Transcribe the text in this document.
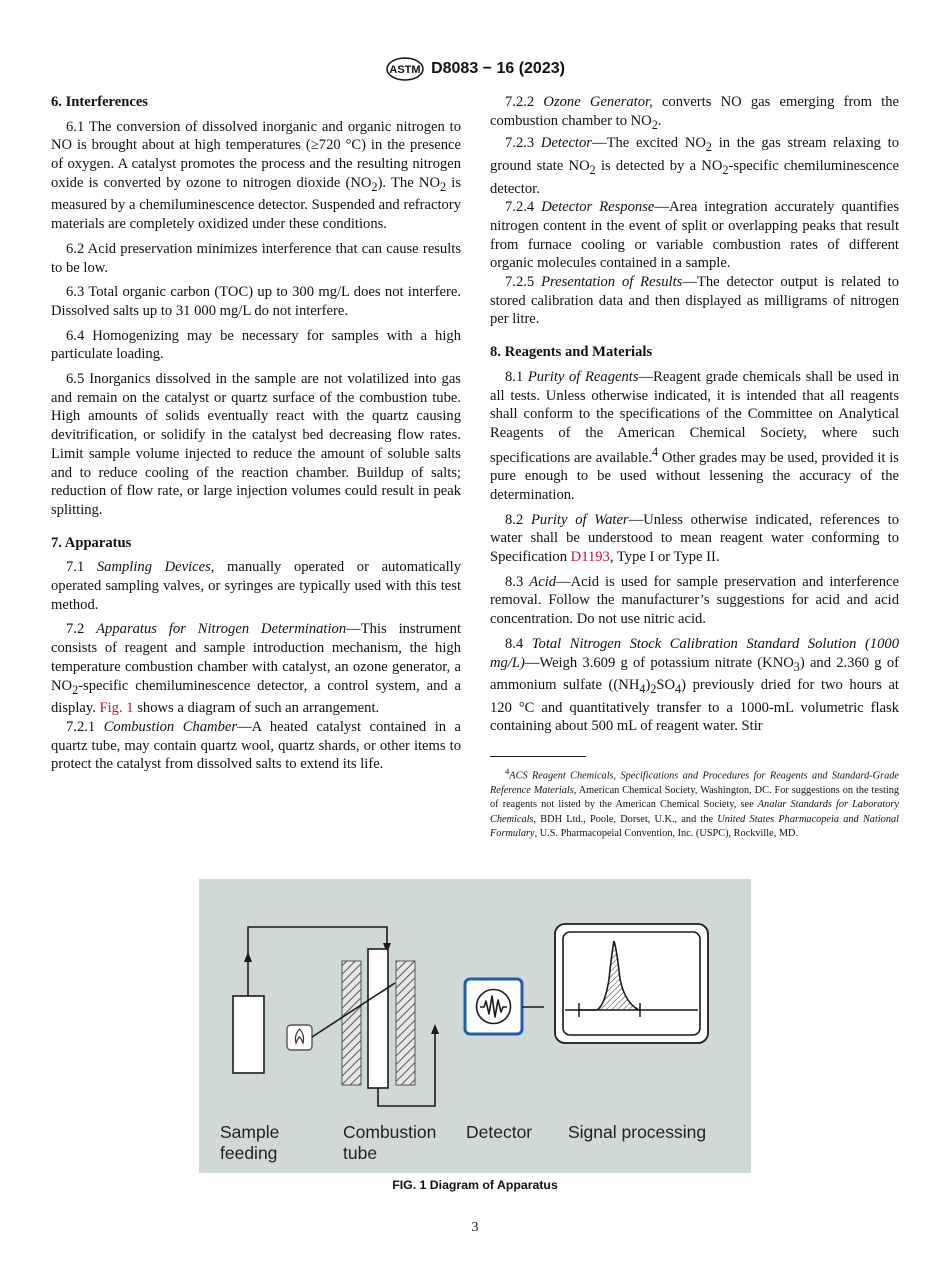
ASTM D8083 − 16 (2023)
6. Interferences

6.1 The conversion of dissolved inorganic and organic nitrogen to NO is brought about at high temperatures (≥720 °C) in the presence of oxygen. A catalyst promotes the process and the resulting nitrogen oxide is converted by ozone to nitrogen dioxide $(NO_2)$. The $NO_2$ is measured by a chemiluminescence detector. Suspended and refractory materials are completely oxidized under these conditions.

6.2 Acid preservation minimizes interference that can cause results to be low.

6.3 Total organic carbon (TOC) up to 300 mg/L does not interfere. Dissolved salts up to 31 000 mg/L do not interfere.

6.4 Homogenizing may be necessary for samples with a high particulate loading.

6.5 Inorganics dissolved in the sample are not volatilized into gas and remain on the catalyst or quartz surface of the combustion tube. High amounts of solids eventually react with the quartz causing devitrification, or solidify in the catalyst bed decreasing flow rates. Limit sample volume injected to reduce the amount of soluble salts and to reduce cooling of the reaction chamber. Buildup of salts; reduction of flow rate, or large injection volumes could result in peak splitting.

7. Apparatus

7.1 Sampling Devices, manually operated or automatically operated sampling valves, or syringes are typically used with this test method.

7.2 Apparatus for Nitrogen Determination—This instrument consists of reagent and sample introduction mechanism, the high temperature combustion chamber with catalyst, an ozone generator, a $NO_2$-specific chemiluminescence detector, a control system, and a display. Fig. 1 shows a diagram of such an arrangement.

7.2.1 Combustion Chamber—A heated catalyst contained in a quartz tube, may contain quartz wool, quartz shards, or other items to protect the catalyst from dissolved salts to extend its life.

7.2.2 Ozone Generator, converts NO gas emerging from the combustion chamber to $NO_2$.

7.2.3 Detector—The excited $NO_2$ in the gas stream relaxing to ground state $NO_2$ is detected by a $NO_2$-specific chemiluminescence detector.

7.2.4 Detector Response—Area integration accurately quantifies nitrogen content in the event of split or overlapping peaks that result from furnace cooling or variable combustion rates of different organic molecules contained in a sample.

7.2.5 Presentation of Results—The detector output is related to stored calibration data and then displayed as milligrams of nitrogen per litre.

8. Reagents and Materials

8.1 Purity of Reagents—Reagent grade chemicals shall be used in all tests. Unless otherwise indicated, it is intended that all reagents shall conform to the specifications of the Committee on Analytical Reagents of the American Chemical Society, where such specifications are available.$^4$ Other grades may be used, provided it is pure enough to be used without lessening the accuracy of the determination.

8.2 Purity of Water—Unless otherwise indicated, references to water shall be understood to mean reagent water conforming to Specification D1193, Type I or Type II.

8.3 Acid—Acid is used for sample preservation and interference removal. Follow the manufacturer’s suggestions for acid and acid concentration. Do not use nitric acid.

8.4 Total Nitrogen Stock Calibration Standard Solution (1000 mg/L)—Weigh 3.609 g of potassium nitrate $(KNO_3)$ and 2.360 g of ammonium sulfate $((NH_4)_2SO_4)$ previously dried for two hours at 120 °C and quantitatively transfer to a 1000-mL volumetric flask containing about 500 mL of reagent water. Stir

$^4$ACS Reagent Chemicals, Specifications and Procedures for Reagents and Standard-Grade Reference Materials, American Chemical Society, Washington, DC. For suggestions on the testing of reagents not listed by the American Chemical Society, see Analar Standards for Laboratory Chemicals, BDH Ltd., Poole, Dorset, U.K., and the United States Pharmacopeia and National Formulary, U.S. Pharmacopeial Convention, Inc. (USPC), Rockville, MD.

Sample
feeding
Combustion
tube
Detector Signal processing
FIG. 1 Diagram of Apparatus
3
